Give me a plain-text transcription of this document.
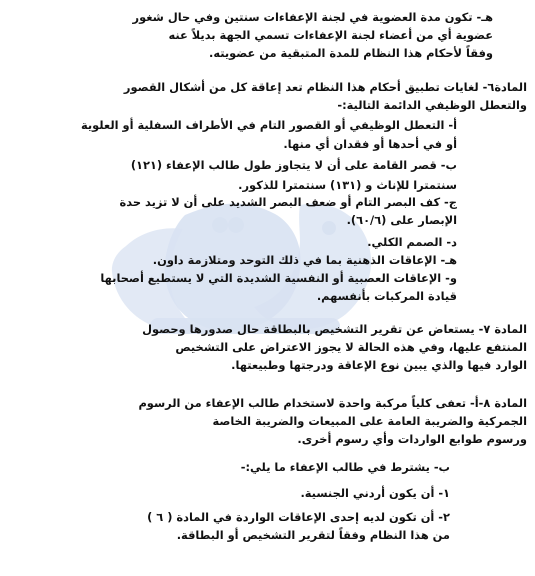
هـ- تكون مدة العضوية في لجنة الإعفاءات سنتين وفي حال شغور
عضوية أي من أعضاء لجنة الإعفاءات تسمي الجهة بديلاً عنه
وفقاً لأحكام هذا النظام للمدة المتبقية من عضويته.
المادة٦- لغايات تطبيق أحكام هذا النظام تعد إعاقة كل من أشكال القصور
والتعطل الوظيفي الدائمة التالية:-
أ- التعطل الوظيفي أو القصور التام في الأطراف السفلية أو العلوية
أو في أحدها أو فقدان أي منها.
ب- قصر القامة على أن لا يتجاوز طول طالب الإعفاء (١٢١)
سنتمترا للإناث و (١٣١) سنتمترا للذكور.
ج- كف البصر التام أو ضعف البصر الشديد على أن لا تزيد حدة
الإبصار على (٦٠/٦).
د- الصمم الكلي.
هـ- الإعاقات الذهنية بما في ذلك التوحد ومتلازمة داون.
و- الإعاقات العصبية أو النفسية الشديدة التي لا يستطيع أصحابها
قيادة المركبات بأنفسهم.
المادة ٧- يستعاض عن تقرير التشخيص بالبطاقة حال صدورها وحصول
المنتفع عليها، وفي هذه الحالة لا يجوز الاعتراض على التشخيص
الوارد فيها والذي يبين نوع الإعاقة ودرجتها وطبيعتها.
المادة ٨-أ- تعفى كلياً مركبة واحدة لاستخدام طالب الإعفاء من الرسوم
الجمركية والضريبة العامة على المبيعات والضريبة الخاصة
ورسوم طوابع الواردات وأي رسوم أخرى.
ب- يشترط في طالب الإعفاء ما يلي:-
١- أن يكون أردني الجنسية.
٢- أن تكون لديه إحدى الإعاقات الواردة في المادة ( ٦ )
من هذا النظام وفقاً لتقرير التشخيص أو البطاقة.
